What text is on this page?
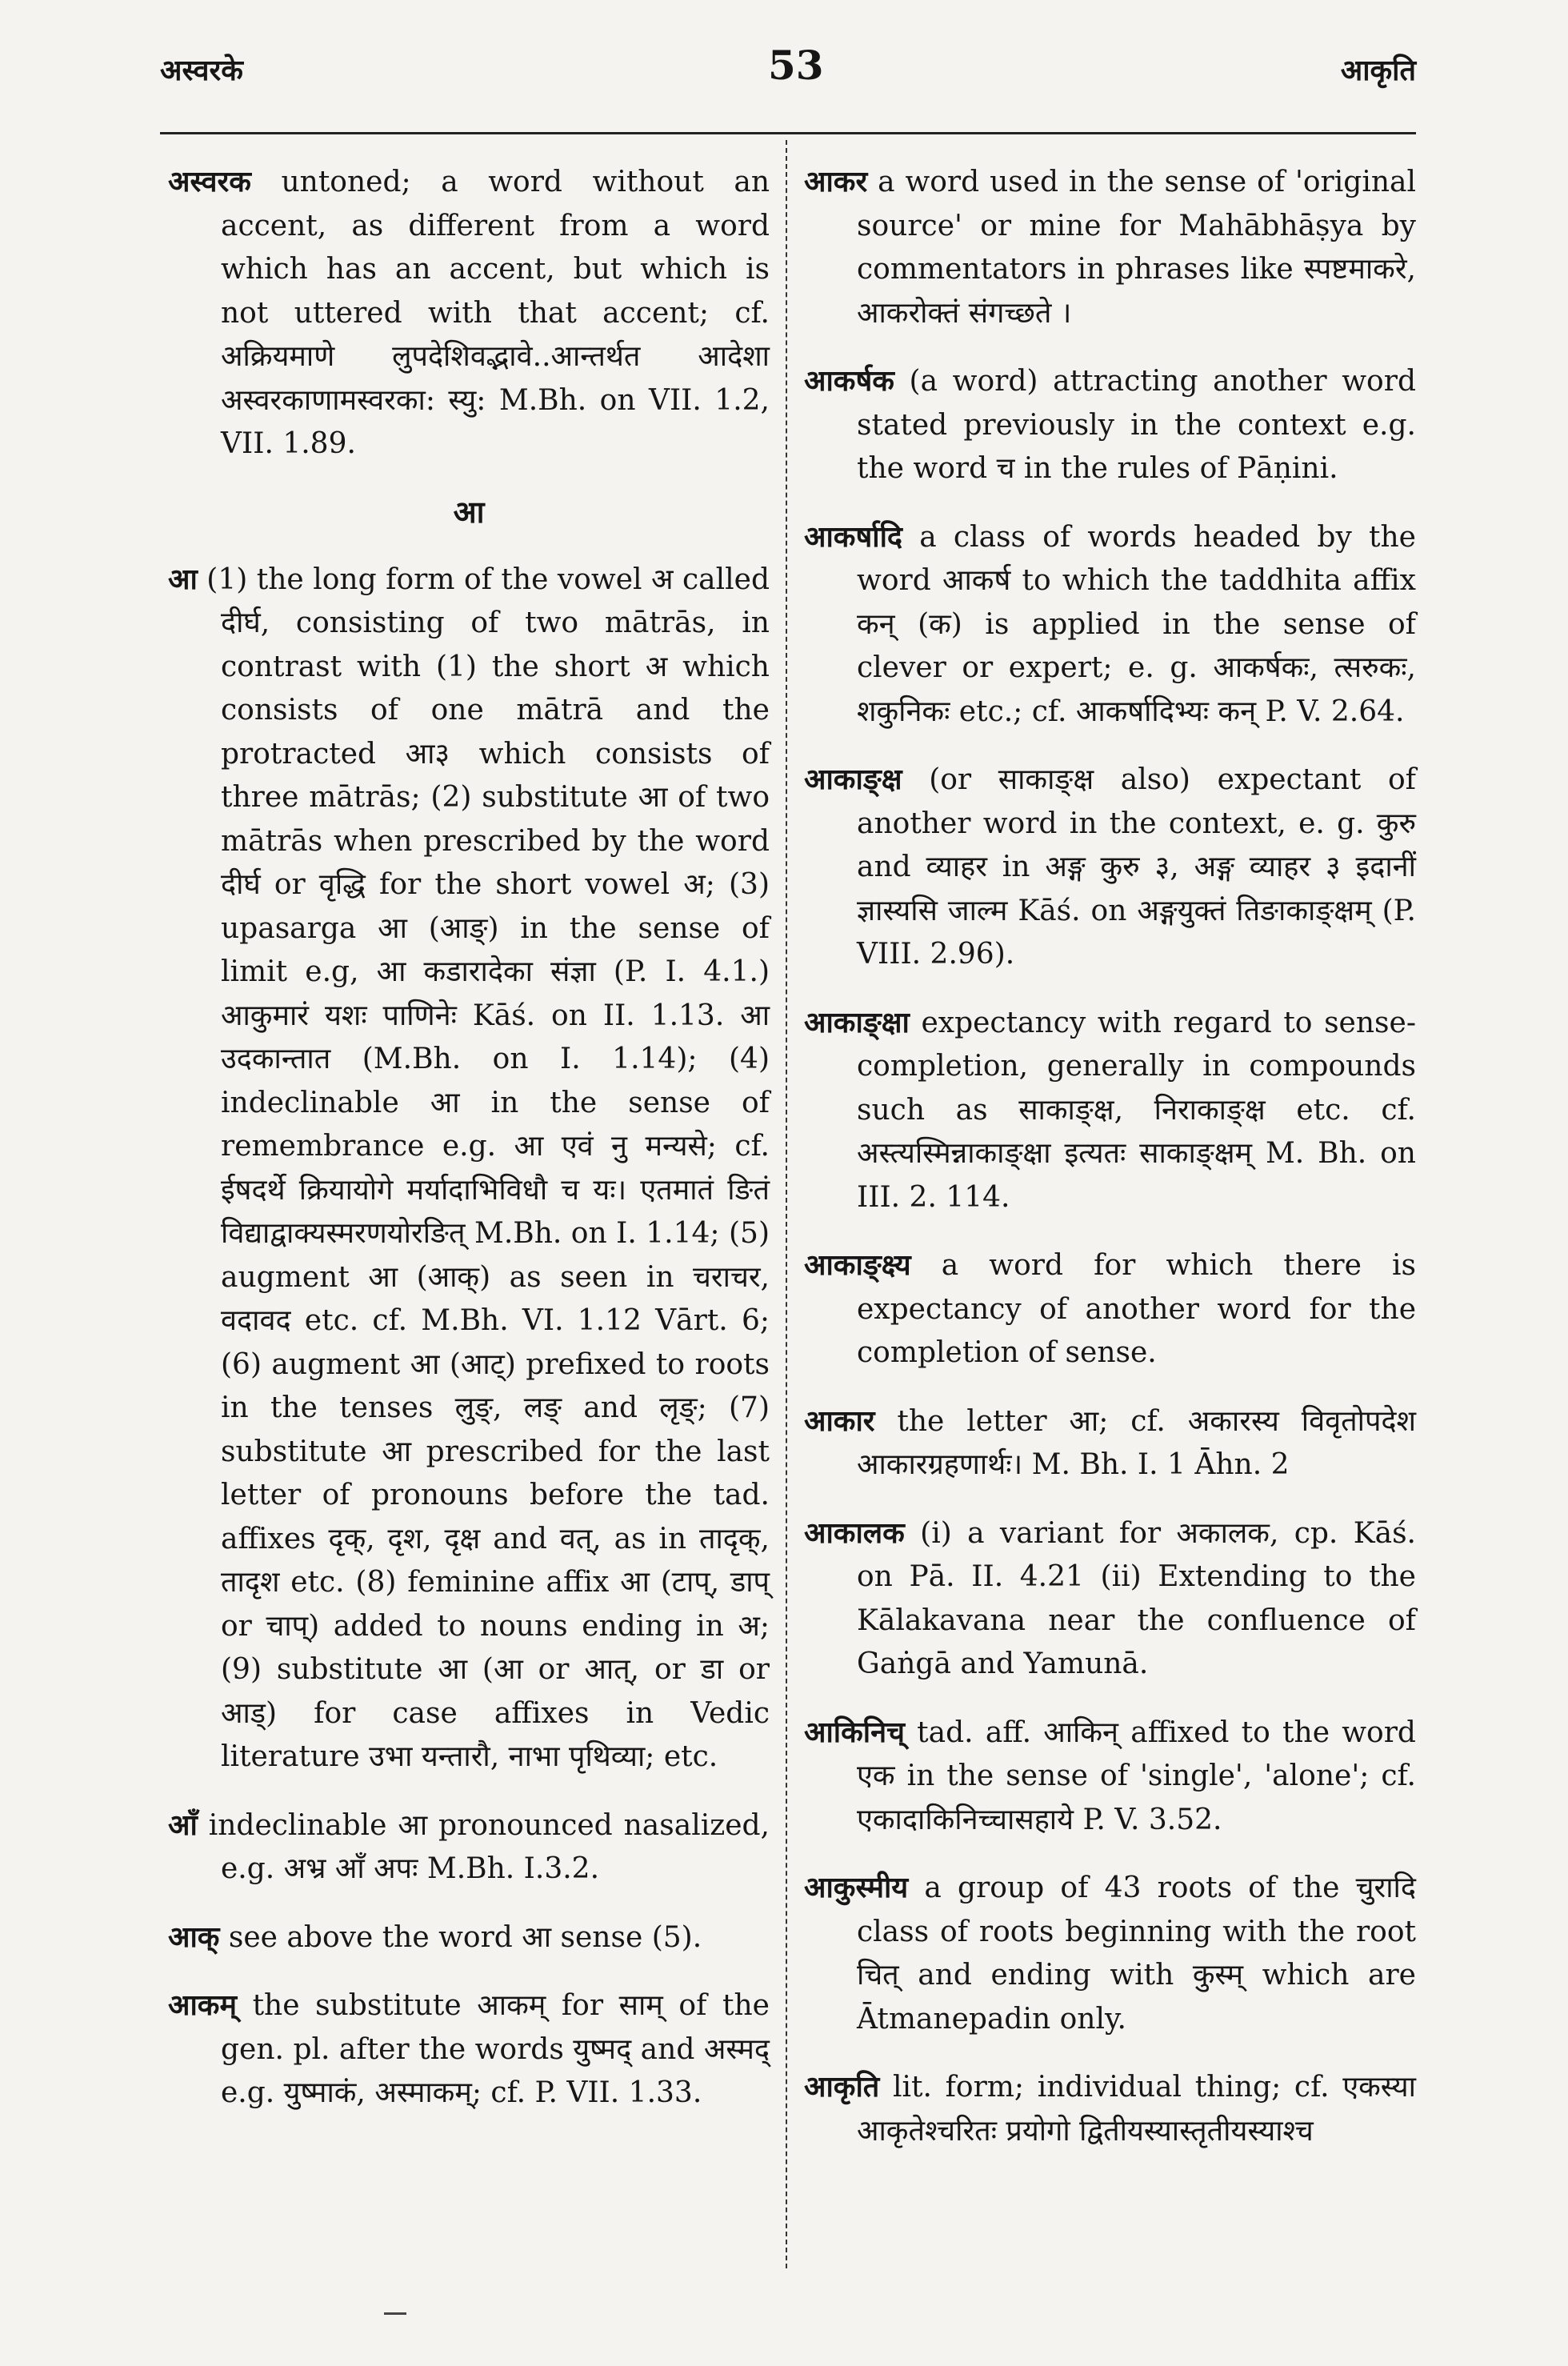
अस्वरके	53	आकृति

अस्वरक untoned; a word without an accent, as different from a word which has an accent, but which is not uttered with that accent; cf. अक्रियमाणे लुपदेशिवद्भावे..आन्तर्थत आदेशा अस्वरकाणामस्वरका: स्यु: M.Bh. on VII. 1.2, VII. 1.89.

आ

आ (1) the long form of the vowel अ called दीर्घ, consisting of two mātrās, in contrast with (1) the short अ which consists of one mātrā and the protracted आ३ which consists of three mātrās; (2) substitute आ of two mātrās when prescribed by the word दीर्घ or वृद्धि for the short vowel अ; (3) upasarga आ (आङ्) in the sense of limit e.g, आ कडारादेका संज्ञा (P. I. 4.1.) आकुमारं यशः पाणिनेः Kāś. on II. 1.13. आ उदकान्तात (M.Bh. on I. 1.14); (4) indeclinable आ in the sense of remembrance e.g. आ एवं नु मन्यसे; cf. ईषदर्थे क्रियायोगे मर्यादाभिविधौ च यः। एतमातं ङितं विद्याद्वाक्यस्मरणयोरङित् M.Bh. on I. 1.14; (5) augment आ (आक्) as seen in चराचर, वदावद etc. cf. M.Bh. VI. 1.12 Vārt. 6; (6) augment आ (आट्) prefixed to roots in the tenses लुङ्, लङ् and लृङ्; (7) substitute आ prescribed for the last letter of pronouns before the tad. affixes दृक्, दृश, दृक्ष and वत्, as in तादृक्, तादृश etc. (8) feminine affix आ (टाप्, डाप् or चाप्) added to nouns ending in अ; (9) substitute आ (आ or आत्, or डा or आड्) for case affixes in Vedic literature उभा यन्तारौ, नाभा पृथिव्या; etc.

आँ indeclinable आ pronounced nasalized, e.g. अभ्र आँ अपः M.Bh. I.3.2.

आक् see above the word आ sense (5).

आकम् the substitute आकम् for साम् of the gen. pl. after the words युष्मद् and अस्मद् e.g. युष्माकं, अस्माकम्; cf. P. VII. 1.33.

आकर a word used in the sense of 'original source' or mine for Mahābhāṣya by commentators in phrases like स्पष्टमाकरे, आकरोक्तं संगच्छते ।

आकर्षक (a word) attracting another word stated previously in the context e.g. the word च in the rules of Pāṇini.

आकर्षादि a class of words headed by the word आकर्ष to which the taddhita affix कन् (क) is applied in the sense of clever or expert; e. g. आकर्षकः, त्सरुकः, शकुनिकः etc.; cf. आकर्षादिभ्यः कन् P. V. 2.64.

आकाङ्क्ष (or साकाङ्क्ष also) expectant of another word in the context, e. g. कुरु and व्याहर in अङ्ग कुरु ३, अङ्ग व्याहर ३ इदानीं ज्ञास्यसि जाल्म Kāś. on अङ्गयुक्तं तिङाकाङ्क्षम् (P. VIII. 2.96).

आकाङ्क्षा expectancy with regard to sense-completion, generally in compounds such as साकाङ्क्ष, निराकाङ्क्ष etc. cf. अस्त्यस्मिन्नाकाङ्क्षा इत्यतः साकाङ्क्षम् M. Bh. on III. 2. 114.

आकाङ्क्ष्य a word for which there is expectancy of another word for the completion of sense.

आकार the letter आ; cf. अकारस्य विवृतोपदेश आकारग्रहणार्थः। M. Bh. I. 1 Āhn. 2

आकालक (i) a variant for अकालक, cp. Kāś. on Pā. II. 4.21 (ii) Extending to the Kālakavana near the confluence of Gaṅgā and Yamunā.

आकिनिच् tad. aff. आकिन् affixed to the word एक in the sense of 'single', 'alone'; cf. एकादाकिनिच्चासहाये P. V. 3.52.

आकुस्मीय a group of 43 roots of the चुरादि class of roots beginning with the root चित् and ending with कुस्म् which are Ātmanepadin only.

आकृति lit. form; individual thing; cf. एकस्या आकृतेश्चरितः प्रयोगो द्वितीयस्यास्तृतीयस्याश्च
